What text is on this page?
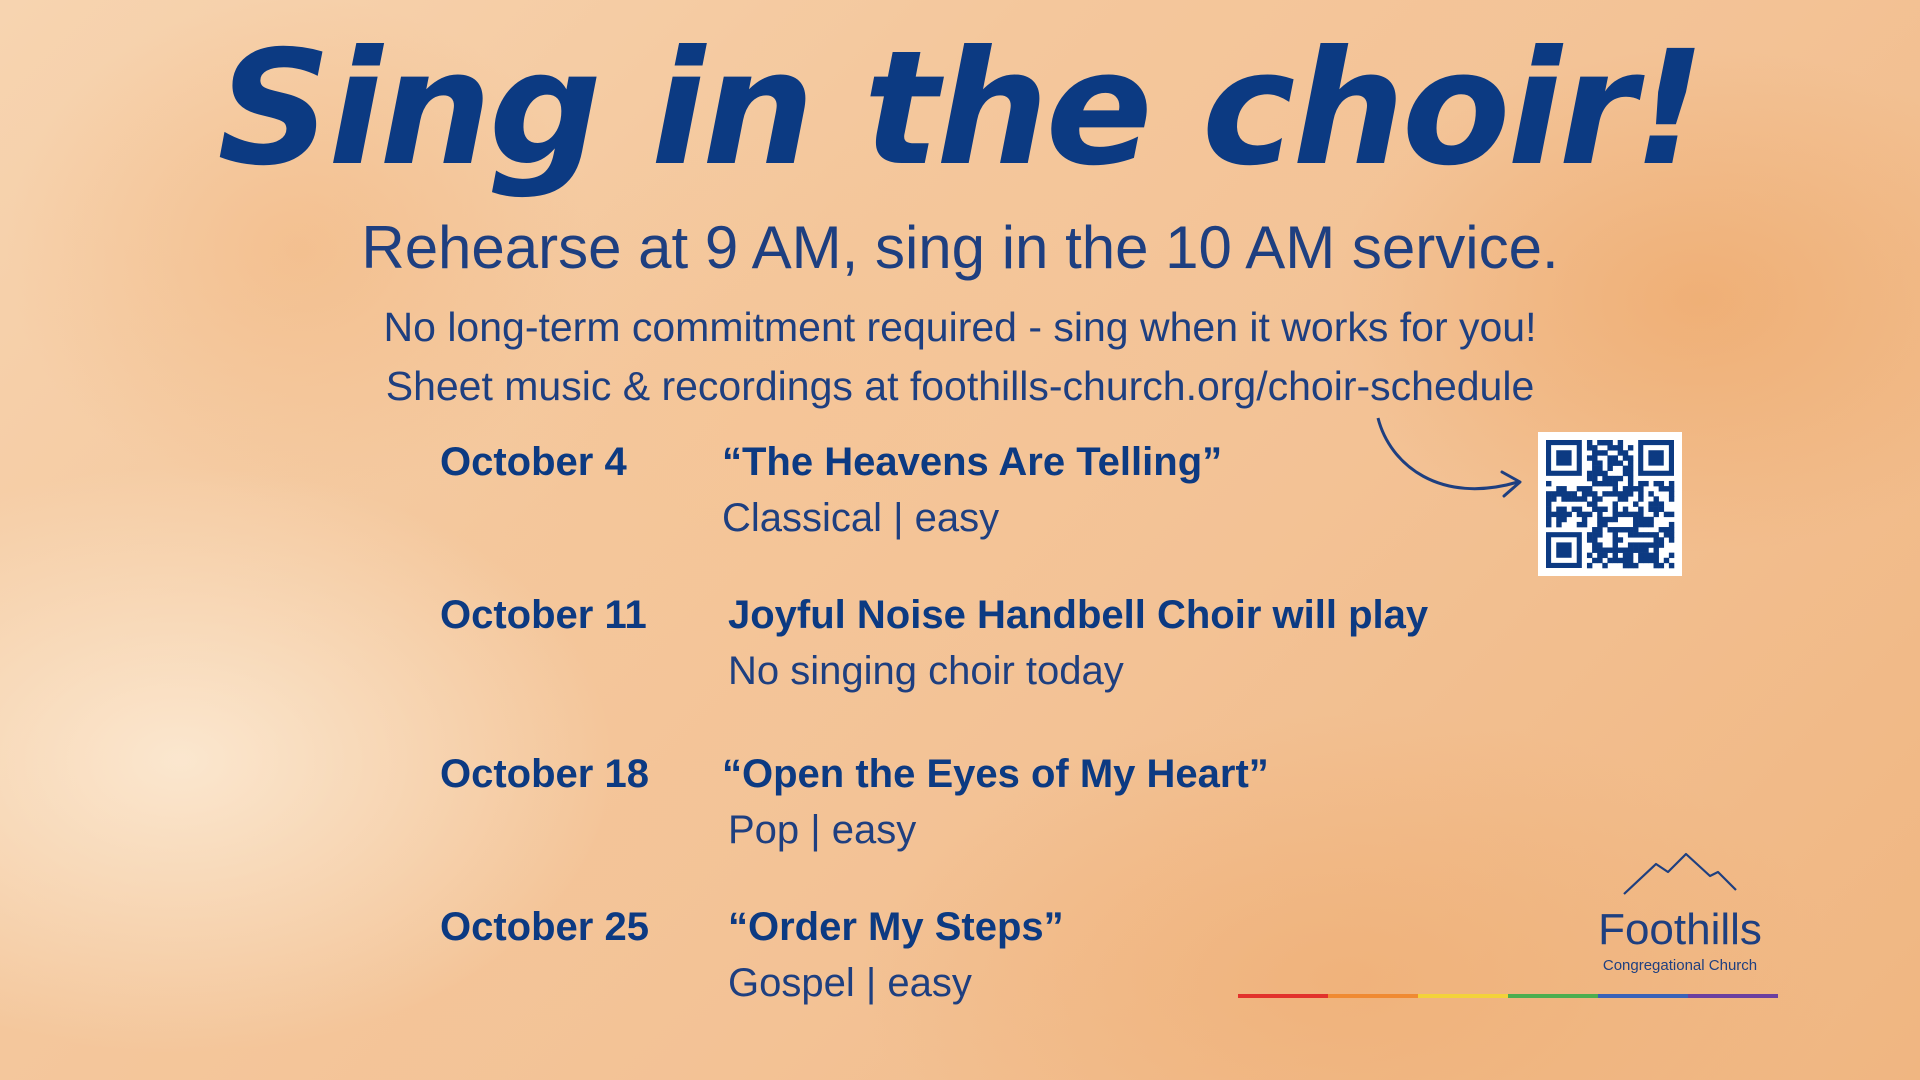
Sing in the choir!
Rehearse at 9 AM, sing in the 10 AM service.
No long-term commitment required - sing when it works for you!
Sheet music & recordings at foothills-church.org/choir-schedule
October 4 “The Heavens Are Telling”
Classical | easy
October 11 Joyful Noise Handbell Choir will play
No singing choir today
October 18 “Open the Eyes of My Heart”
Pop | easy
October 25 “Order My Steps”
Gospel | easy
Foothills
Congregational Church
